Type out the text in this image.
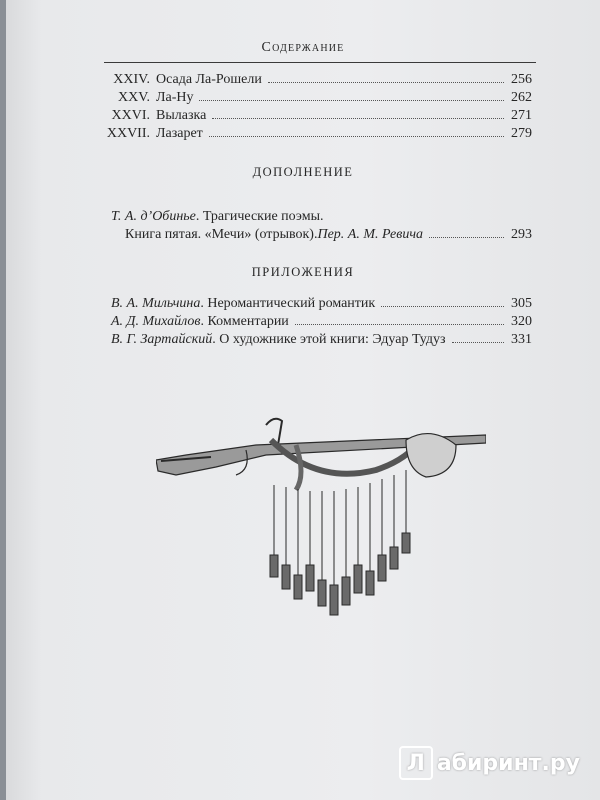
Содержание
XXIV. Осада Ла-Рошели	256
XXV. Ла-Ну	262
XXVI. Вылазка	271
XXVII. Лазарет	279
ДОПОЛНЕНИЕ
Т. А. д’Обинье. Трагические поэмы.
Книга пятая. «Мечи» (отрывок). Пер. А. М. Ревича	293
ПРИЛОЖЕНИЯ
В. А. Мильчина . Неромантический романтик	305
А. Д. Михайлов . Комментарии	320
В. Г. Зартайский . О художнике этой книги: Эдуар Тудуз	331
Л абиринт.ру
